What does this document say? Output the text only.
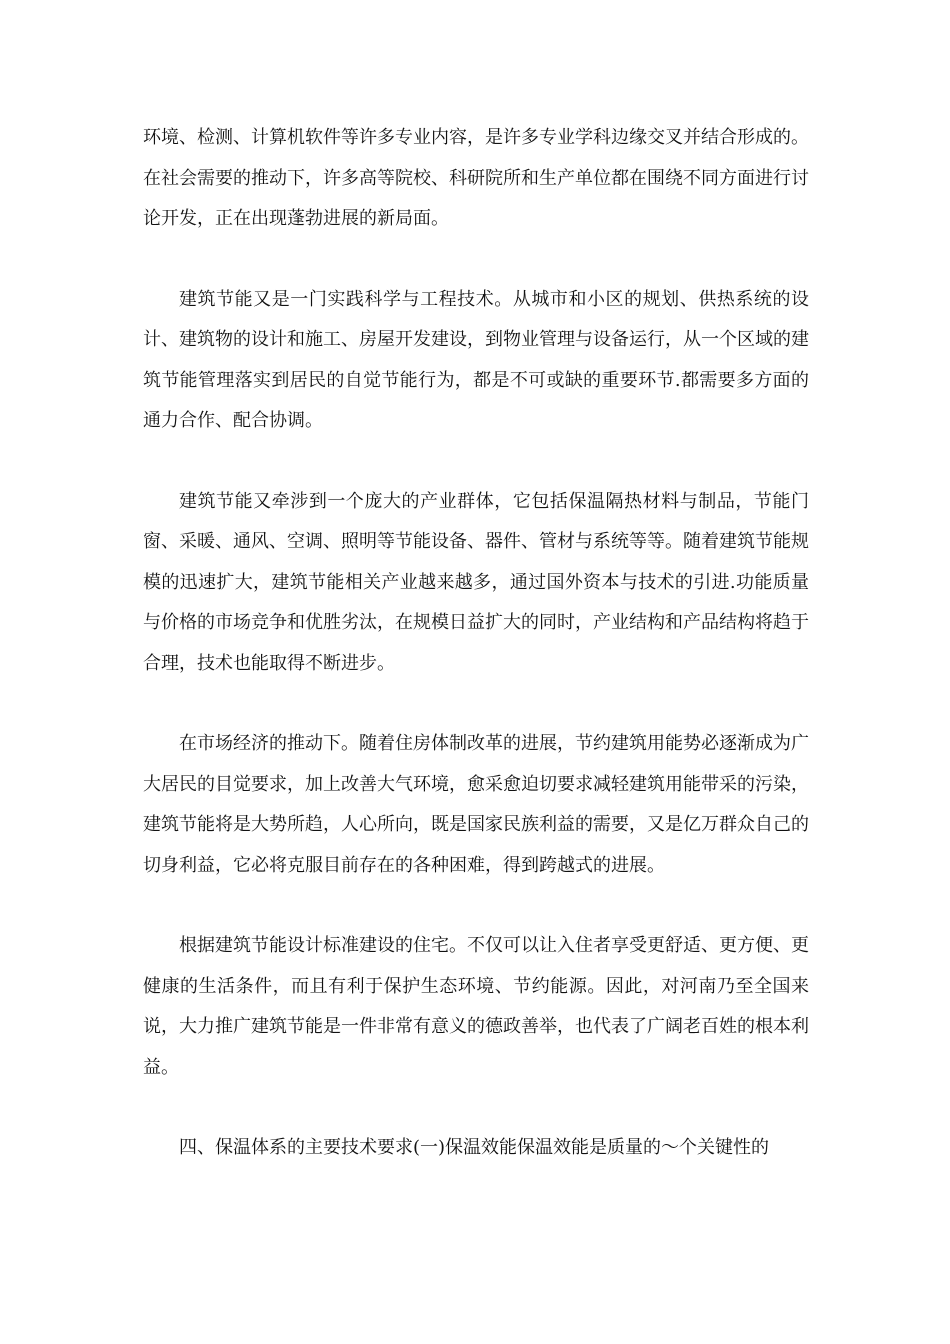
环境、检测、计算机软件等许多专业内容，是许多专业学科边缘交叉并结合形成的。在社会需要的推动下，许多高等院校、科研院所和生产单位都在围绕不同方面进行讨论开发，正在出现蓬勃进展的新局面。

建筑节能又是一门实践科学与工程技术。从城市和小区的规划、供热系统的设计、建筑物的设计和施工、房屋开发建设，到物业管理与设备运行，从一个区域的建筑节能管理落实到居民的自觉节能行为，都是不可或缺的重要环节.都需要多方面的通力合作、配合协调。

建筑节能又牵涉到一个庞大的产业群体，它包括保温隔热材料与制品，节能门窗、采暖、通风、空调、照明等节能设备、器件、管材与系统等等。随着建筑节能规模的迅速扩大，建筑节能相关产业越来越多，通过国外资本与技术的引进.功能质量与价格的市场竞争和优胜劣汰，在规模日益扩大的同时，产业结构和产品结构将趋于合理，技术也能取得不断进步。

在市场经济的推动下。随着住房体制改革的进展，节约建筑用能势必逐渐成为广大居民的目觉要求，加上改善大气环境，愈采愈迫切要求减轻建筑用能带采的污染，建筑节能将是大势所趋，人心所向，既是国家民族利益的需要，又是亿万群众自己的切身利益，它必将克服目前存在的各种困难，得到跨越式的进展。

根据建筑节能设计标准建设的住宅。不仅可以让入住者享受更舒适、更方便、更健康的生活条件，而且有利于保护生态环境、节约能源。因此，对河南乃至全国来说，大力推广建筑节能是一件非常有意义的德政善举，也代表了广阔老百姓的根本利益。

四、保温体系的主要技术要求(一)保温效能保温效能是质量的～个关键性的
